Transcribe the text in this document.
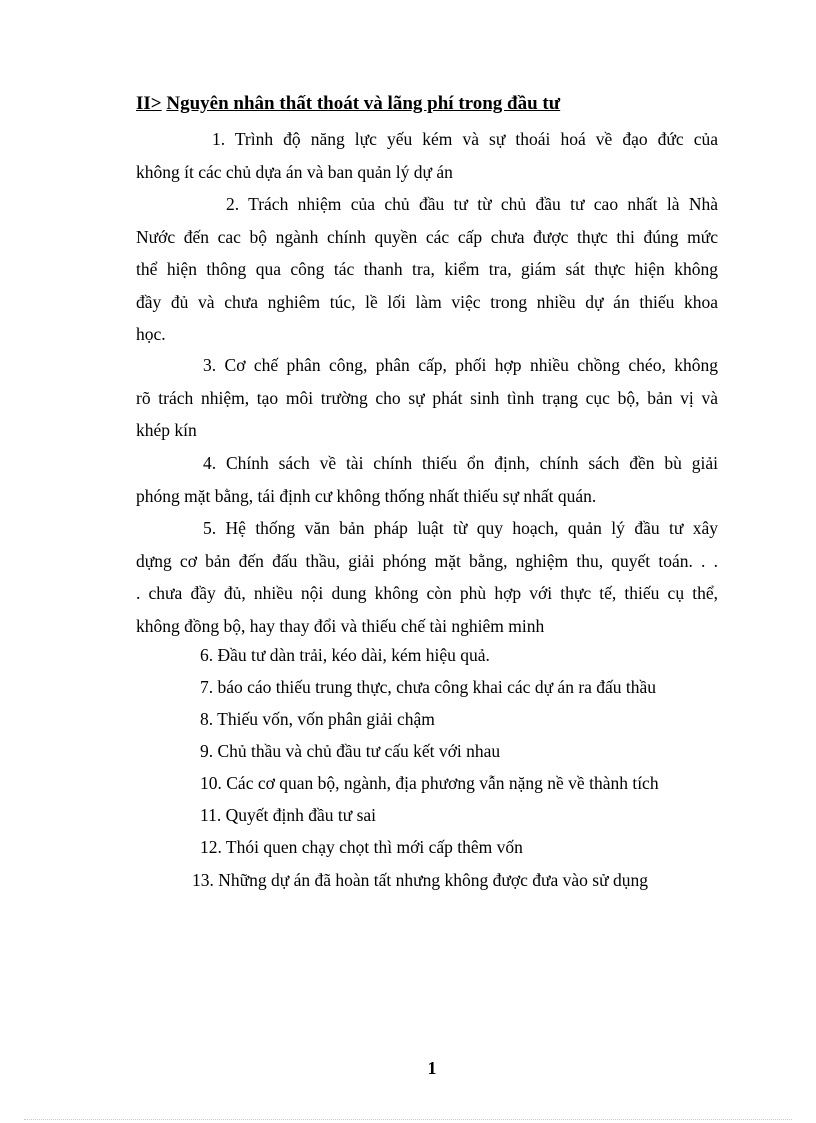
II> Nguyên nhân thất thoát và lãng phí trong đầu tư
1. Trình độ năng lực yếu kém và sự thoái hoá về đạo đức của
không ít các chủ dựa án và ban quản lý dự án
2. Trách nhiệm của chủ đầu tư từ chủ đầu tư cao nhất là Nhà
Nước đến cac bộ ngành chính quyền các cấp chưa được thực thi đúng mức
thể hiện thông qua công tác thanh tra, kiểm tra, giám sát thực hiện không
đầy đủ và chưa nghiêm túc, lề lối làm việc trong nhiều dự án thiếu khoa
học.
3. Cơ chế phân công, phân cấp, phối hợp nhiều chồng chéo, không
rõ trách nhiệm, tạo môi trường cho sự phát sinh tình trạng cục bộ, bản vị và
khép kín
4. Chính sách về tài chính thiếu ổn định, chính sách đền bù giải
phóng mặt bằng, tái định cư không thống nhất thiếu sự nhất quán.
5. Hệ thống văn bản pháp luật từ quy hoạch, quản lý đầu tư xây
dựng cơ bản đến đấu thầu, giải phóng mặt bằng, nghiệm thu, quyết toán. . .
. chưa đầy đủ, nhiều nội dung không còn phù hợp với thực tế, thiếu cụ thể,
không đồng bộ, hay thay đổi và thiếu chế tài nghiêm minh
6. Đầu tư dàn trải, kéo dài, kém hiệu quả.
7. báo cáo thiếu trung thực, chưa công khai các dự án ra đấu thầu
8. Thiếu vốn, vốn phân giải chậm
9. Chủ thầu và chủ đầu tư cấu kết với nhau
10. Các cơ quan bộ, ngành, địa phương vẫn nặng nề về thành tích
11. Quyết định đầu tư sai
12. Thói quen chạy chọt thì mới cấp thêm vốn
13. Những dự án đã hoàn tất nhưng không được đưa vào sử dụng
1
